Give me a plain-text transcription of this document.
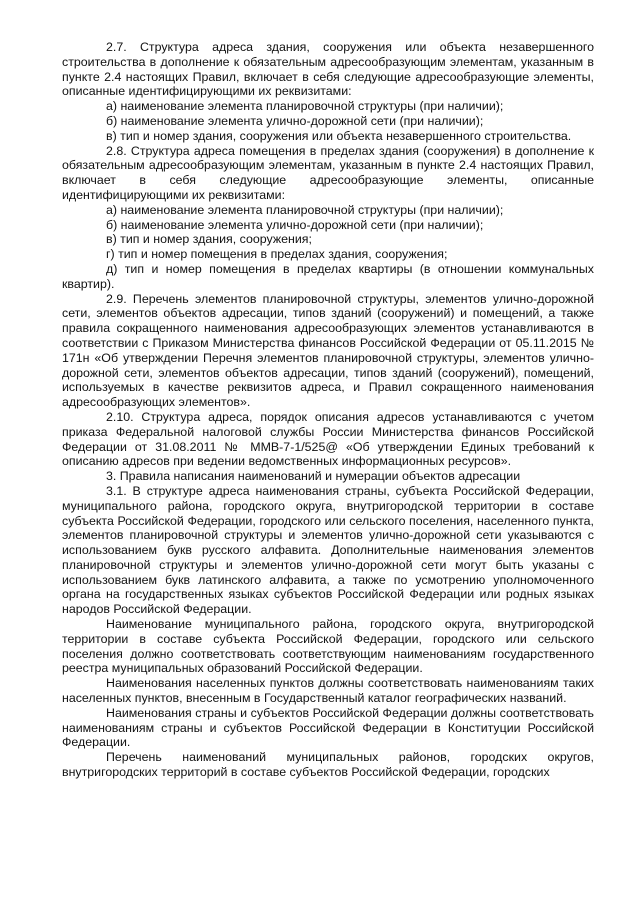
2.7. Структура адреса здания, сооружения или объекта незавершенного строительства в дополнение к обязательным адресообразующим элементам, указанным в пункте 2.4 настоящих Правил, включает в себя следующие адресообразующие элементы, описанные идентифицирующими их реквизитами:

а) наименование элемента планировочной структуры (при наличии);

б) наименование элемента улично-дорожной сети (при наличии);

в) тип и номер здания, сооружения или объекта незавершенного строительства.

2.8. Структура адреса помещения в пределах здания (сооружения) в дополнение к обязательным адресообразующим элементам, указанным в пункте 2.4 настоящих Правил, включает в себя следующие адресообразующие элементы, описанные идентифицирующими их реквизитами:

а) наименование элемента планировочной структуры (при наличии);

б) наименование элемента улично-дорожной сети (при наличии);

в) тип и номер здания, сооружения;

г) тип и номер помещения в пределах здания, сооружения;

д) тип и номер помещения в пределах квартиры (в отношении коммунальных квартир).

2.9. Перечень элементов планировочной структуры, элементов улично-дорожной сети, элементов объектов адресации, типов зданий (сооружений) и помещений, а также правила сокращенного наименования адресообразующих элементов устанавливаются в соответствии с Приказом Министерства финансов Российской Федерации от 05.11.2015 № 171н «Об утверждении Перечня элементов планировочной структуры, элементов улично-дорожной сети, элементов объектов адресации, типов зданий (сооружений), помещений, используемых в качестве реквизитов адреса, и Правил сокращенного наименования адресообразующих элементов».

2.10. Структура адреса, порядок описания адресов устанавливаются с учетом приказа Федеральной налоговой службы России Министерства финансов Российской Федерации от 31.08.2011 № ММВ-7-1/525@ «Об утверждении Единых требований к описанию адресов при ведении ведомственных информационных ресурсов».

3. Правила написания наименований и нумерации объектов адресации

3.1. В структуре адреса наименования страны, субъекта Российской Федерации, муниципального района, городского округа, внутригородской территории в составе субъекта Российской Федерации, городского или сельского поселения, населенного пункта, элементов планировочной структуры и элементов улично-дорожной сети указываются с использованием букв русского алфавита. Дополнительные наименования элементов планировочной структуры и элементов улично-дорожной сети могут быть указаны с использованием букв латинского алфавита, а также по усмотрению уполномоченного органа на государственных языках субъектов Российской Федерации или родных языках народов Российской Федерации.

Наименование муниципального района, городского округа, внутригородской территории в составе субъекта Российской Федерации, городского или сельского поселения должно соответствовать соответствующим наименованиям государственного реестра муниципальных образований Российской Федерации.

Наименования населенных пунктов должны соответствовать наименованиям таких населенных пунктов, внесенным в Государственный каталог географических названий.

Наименования страны и субъектов Российской Федерации должны соответствовать наименованиям страны и субъектов Российской Федерации в Конституции Российской Федерации.

Перечень наименований муниципальных районов, городских округов, внутригородских территорий в составе субъектов Российской Федерации, городских
